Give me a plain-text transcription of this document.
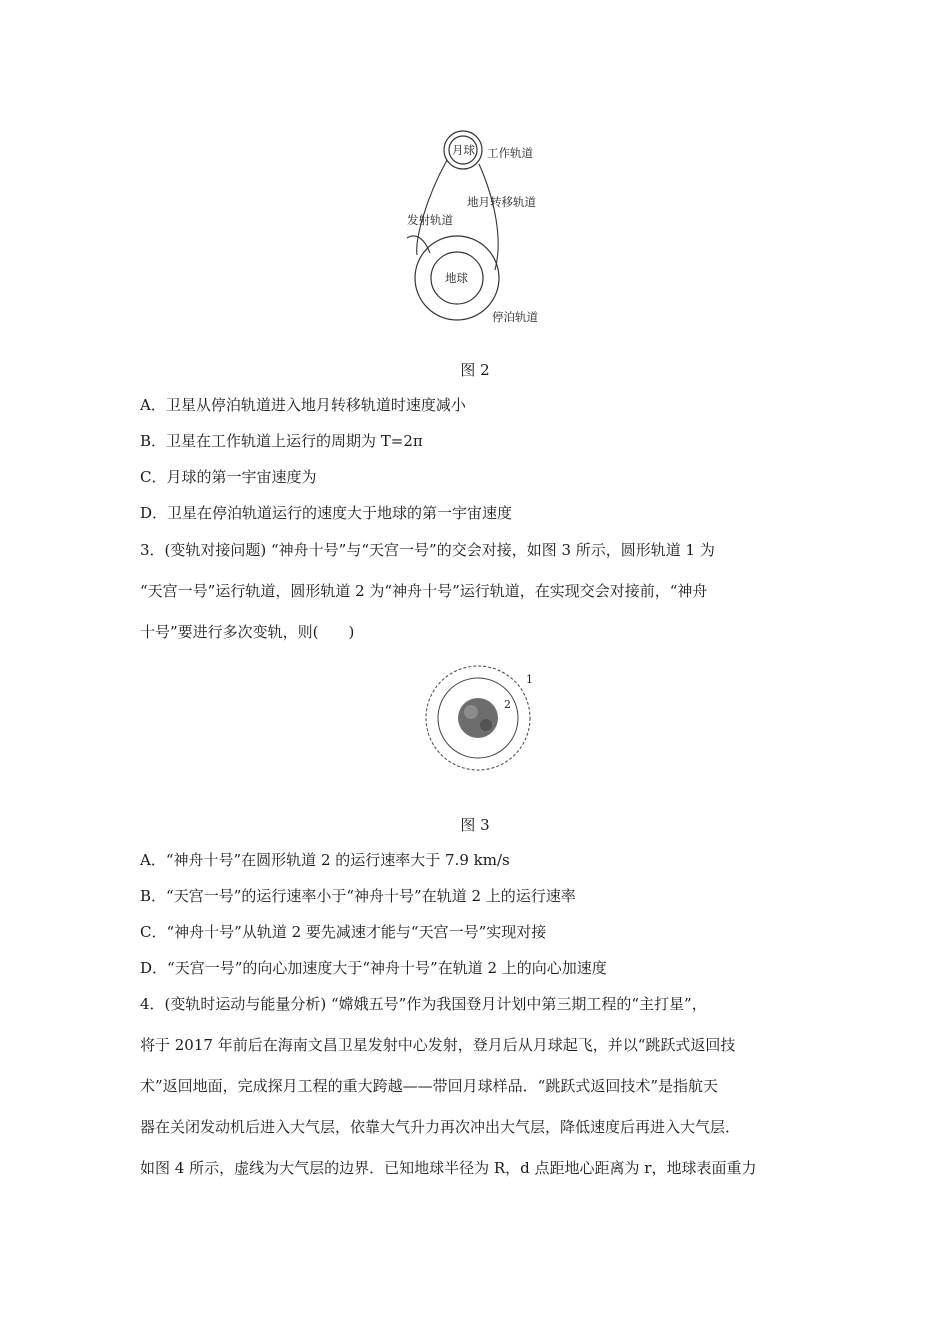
月球 工作轨道
地月转移轨道
发射轨道
地球
停泊轨道
图 2
A．卫星从停泊轨道进入地月转移轨道时速度减小
B．卫星在工作轨道上运行的周期为 T=2π
C．月球的第一宇宙速度为
D．卫星在停泊轨道运行的速度大于地球的第一宇宙速度
3．(变轨对接问题) “神舟十号”与“天宫一号”的交会对接，如图 3 所示，圆形轨道 1 为
“天宫一号”运行轨道，圆形轨道 2 为“神舟十号”运行轨道，在实现交会对接前，“神舟
十号”要进行多次变轨，则(　　)
1
2
图 3
A．“神舟十号”在圆形轨道 2 的运行速率大于 7.9 km/s
B．“天宫一号”的运行速率小于“神舟十号”在轨道 2 上的运行速率
C．“神舟十号”从轨道 2 要先减速才能与“天宫一号”实现对接
D．“天宫一号”的向心加速度大于“神舟十号”在轨道 2 上的向心加速度
4．(变轨时运动与能量分析) “嫦娥五号”作为我国登月计划中第三期工程的“主打星”，
将于 2017 年前后在海南文昌卫星发射中心发射，登月后从月球起飞，并以“跳跃式返回技
术”返回地面，完成探月工程的重大跨越——带回月球样品．“跳跃式返回技术”是指航天
器在关闭发动机后进入大气层，依靠大气升力再次冲出大气层，降低速度后再进入大气层．
如图 4 所示，虚线为大气层的边界．已知地球半径为 R，d 点距地心距离为 r，地球表面重力
